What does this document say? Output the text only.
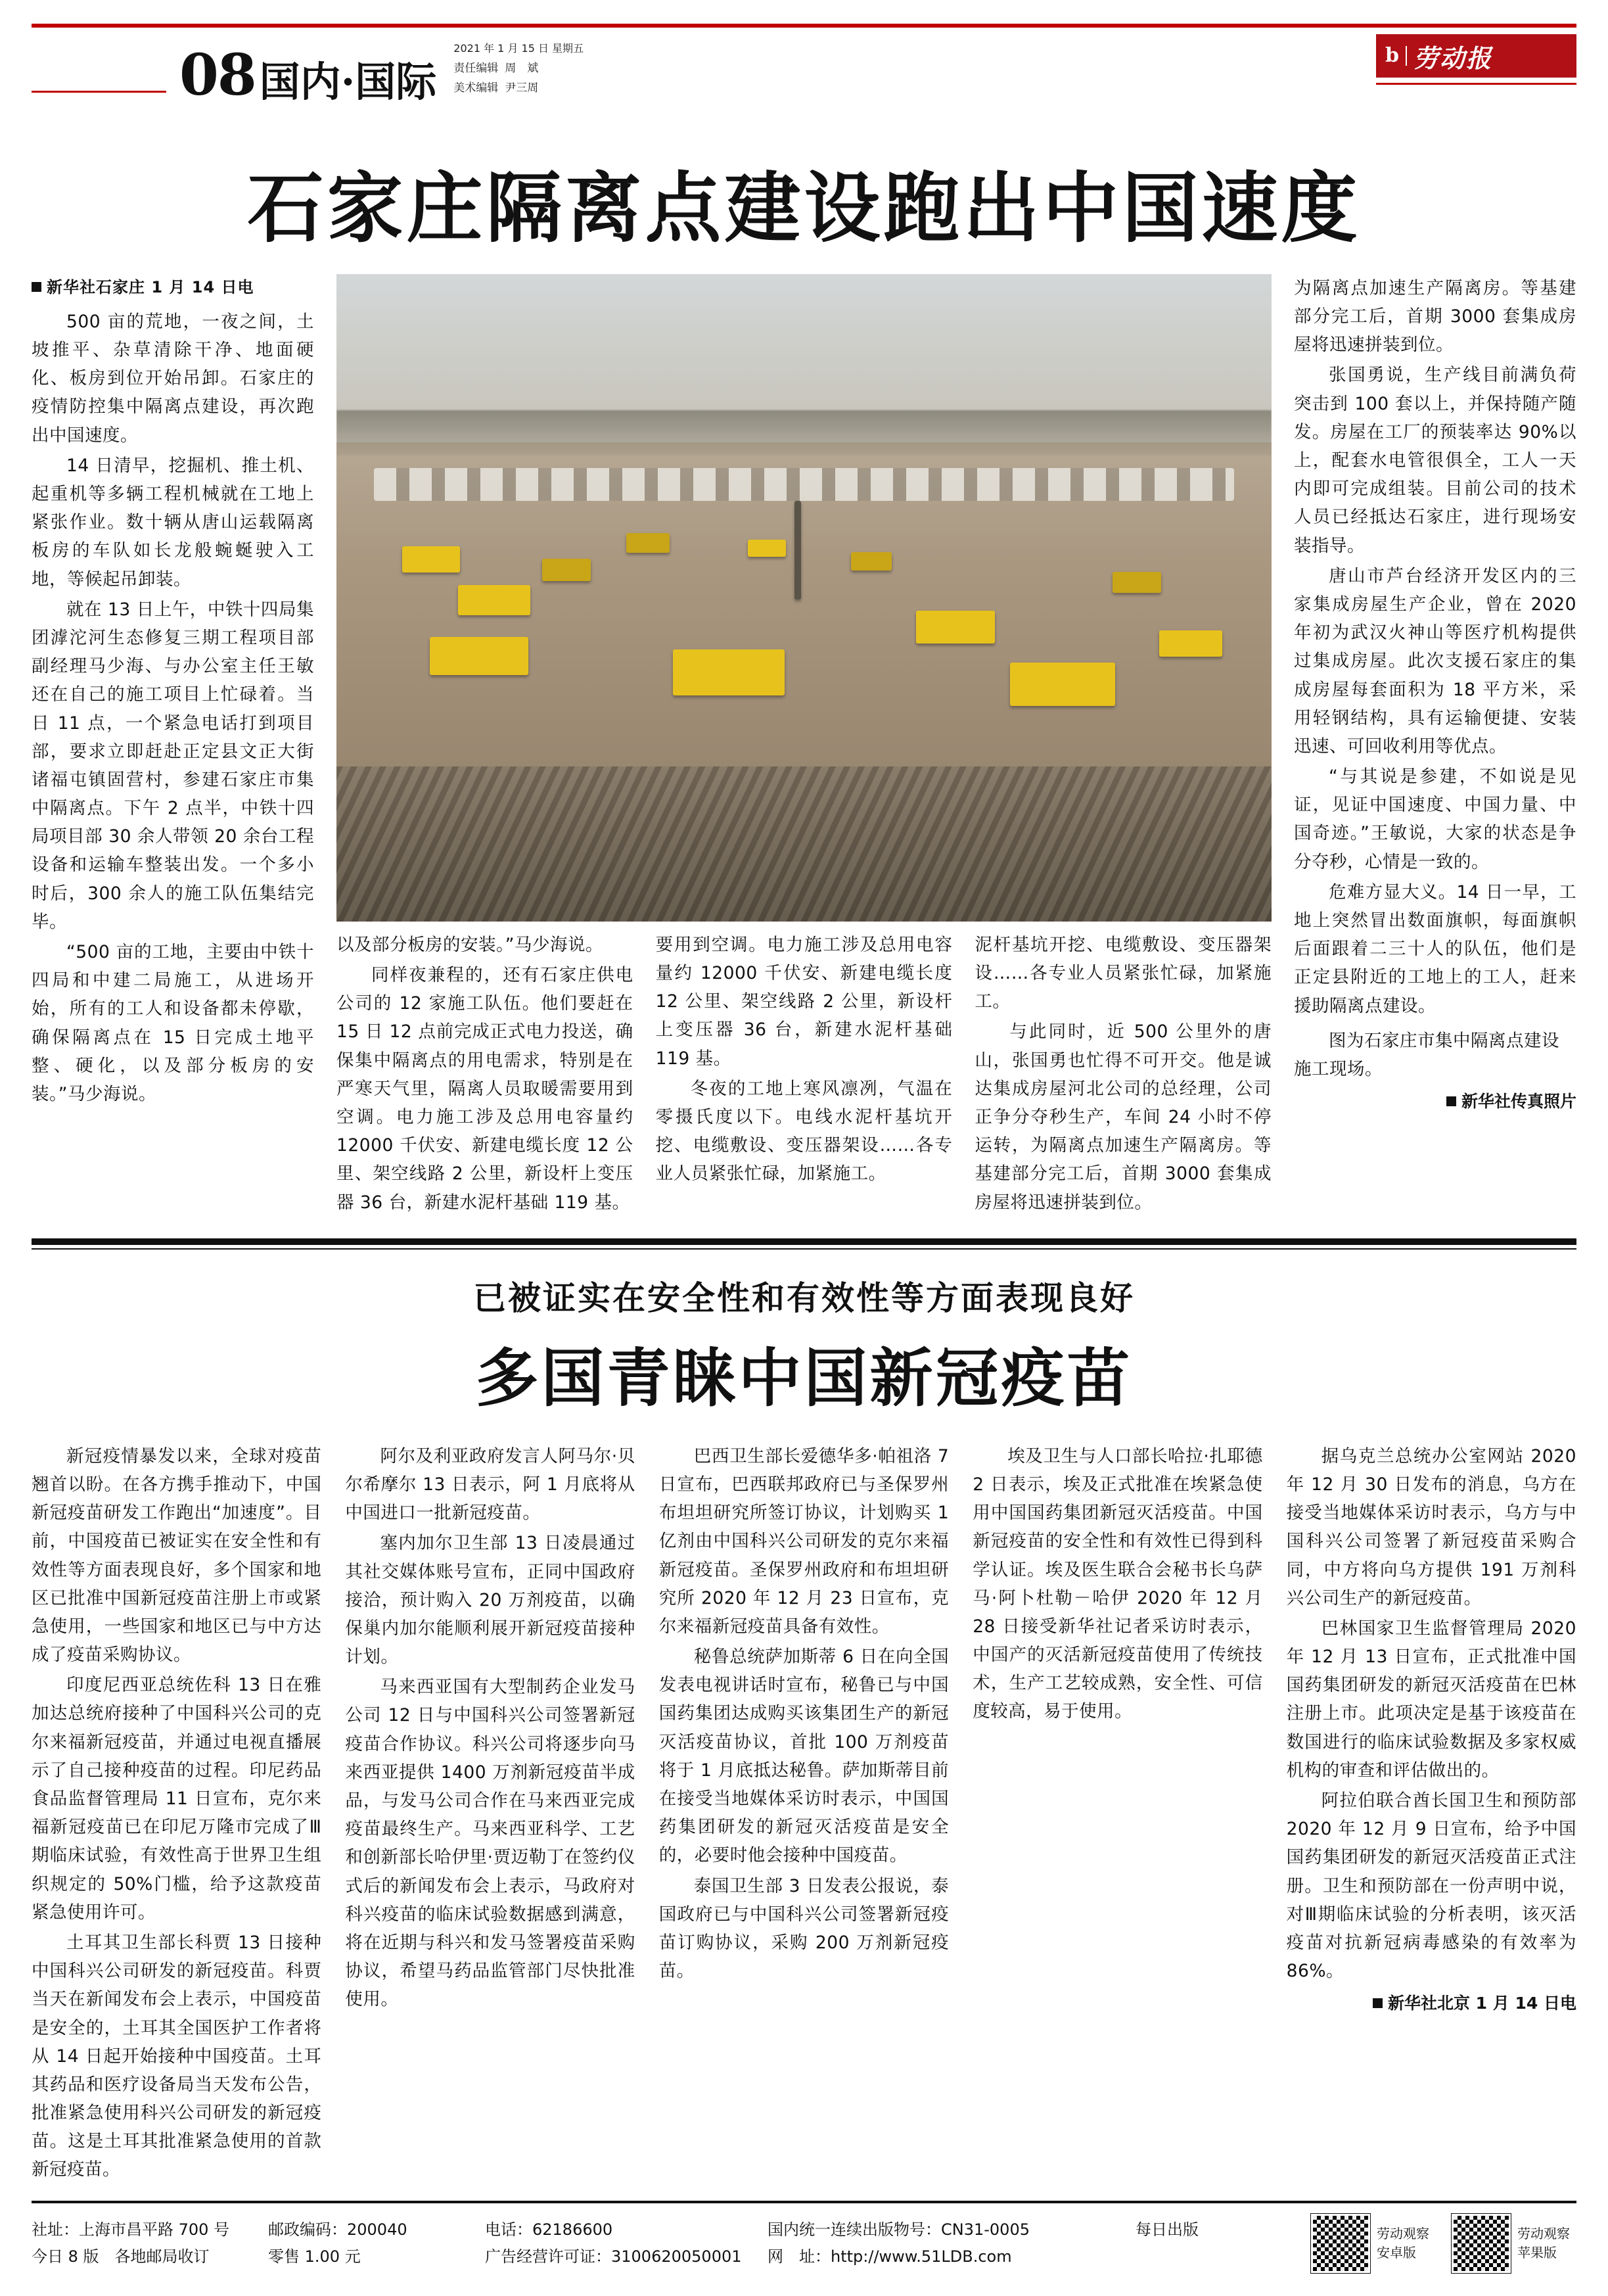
08 国内·国际
2021 年 1 月 15 日 星期五
责任编辑 周　斌
美术编辑 尹三周
b 劳动报
石家庄隔离点建设跑出中国速度
新华社石家庄 1 月 14 日电

500 亩的荒地，一夜之间，土坡推平、杂草清除干净、地面硬化、板房到位开始吊卸。石家庄的疫情防控集中隔离点建设，再次跑出中国速度。

14 日清早，挖掘机、推土机、起重机等多辆工程机械就在工地上紧张作业。数十辆从唐山运载隔离板房的车队如长龙般蜿蜒驶入工地，等候起吊卸装。

就在 13 日上午，中铁十四局集团滹沱河生态修复三期工程项目部副经理马少海、与办公室主任王敏还在自己的施工项目上忙碌着。当日 11 点，一个紧急电话打到项目部，要求立即赶赴正定县文正大街诸福屯镇固营村，参建石家庄市集中隔离点。下午 2 点半，中铁十四局项目部 30 余人带领 20 余台工程设备和运输车整装出发。一个多小时后，300 余人的施工队伍集结完毕。

“500 亩的工地，主要由中铁十四局和中建二局施工，从进场开始，所有的工人和设备都未停歇，确保隔离点在 15 日完成土地平整、硬化，以及部分板房的安装。”马少海说。

以及部分板房的安装。”马少海说。

同样夜兼程的，还有石家庄供电公司的 12 家施工队伍。他们要赶在 15 日 12 点前完成正式电力投送，确保集中隔离点的用电需求，特别是在严寒天气里，隔离人员取暖需要用到空调。电力施工涉及总用电容量约 12000 千伏安、新建电缆长度 12 公里、架空线路 2 公里，新设杆上变压器 36 台，新建水泥杆基础 119 基。

要用到空调。电力施工涉及总用电容量约 12000 千伏安、新建电缆长度 12 公里、架空线路 2 公里，新设杆上变压器 36 台，新建水泥杆基础 119 基。

冬夜的工地上寒风凛冽，气温在零摄氏度以下。电线水泥杆基坑开挖、电缆敷设、变压器架设……各专业人员紧张忙碌，加紧施工。

泥杆基坑开挖、电缆敷设、变压器架设……各专业人员紧张忙碌，加紧施工。

与此同时，近 500 公里外的唐山，张国勇也忙得不可开交。他是诚达集成房屋河北公司的总经理，公司正争分夺秒生产，车间 24 小时不停运转，为隔离点加速生产隔离房。等基建部分完工后，首期 3000 套集成房屋将迅速拼装到位。

为隔离点加速生产隔离房。等基建部分完工后，首期 3000 套集成房屋将迅速拼装到位。

张国勇说，生产线目前满负荷突击到 100 套以上，并保持随产随发。房屋在工厂的预装率达 90%以上，配套水电管很俱全，工人一天内即可完成组装。目前公司的技术人员已经抵达石家庄，进行现场安装指导。

唐山市芦台经济开发区内的三家集成房屋生产企业，曾在 2020 年初为武汉火神山等医疗机构提供过集成房屋。此次支援石家庄的集成房屋每套面积为 18 平方米，采用轻钢结构，具有运输便捷、安装迅速、可回收利用等优点。

“与其说是参建，不如说是见证，见证中国速度、中国力量、中国奇迹。”王敏说，大家的状态是争分夺秒，心情是一致的。

危难方显大义。14 日一早，工地上突然冒出数面旗帜，每面旗帜后面跟着二三十人的队伍，他们是正定县附近的工地上的工人，赶来援助隔离点建设。

图为石家庄市集中隔离点建设施工现场。
新华社传真照片
已被证实在安全性和有效性等方面表现良好
多国青睐中国新冠疫苗

新冠疫情暴发以来，全球对疫苗翘首以盼。在各方携手推动下，中国新冠疫苗研发工作跑出“加速度”。目前，中国疫苗已被证实在安全性和有效性等方面表现良好，多个国家和地区已批准中国新冠疫苗注册上市或紧急使用，一些国家和地区已与中方达成了疫苗采购协议。

印度尼西亚总统佐科 13 日在雅加达总统府接种了中国科兴公司的克尔来福新冠疫苗，并通过电视直播展示了自己接种疫苗的过程。印尼药品食品监督管理局 11 日宣布，克尔来福新冠疫苗已在印尼万隆市完成了Ⅲ期临床试验，有效性高于世界卫生组织规定的 50%门槛，给予这款疫苗紧急使用许可。

土耳其卫生部长科贾 13 日接种中国科兴公司研发的新冠疫苗。科贾当天在新闻发布会上表示，中国疫苗是安全的，土耳其全国医护工作者将从 14 日起开始接种中国疫苗。土耳其药品和医疗设备局当天发布公告，批准紧急使用科兴公司研发的新冠疫苗。这是土耳其批准紧急使用的首款新冠疫苗。

阿尔及利亚政府发言人阿马尔·贝尔希摩尔 13 日表示，阿 1 月底将从中国进口一批新冠疫苗。

塞内加尔卫生部 13 日凌晨通过其社交媒体账号宣布，正同中国政府接洽，预计购入 20 万剂疫苗，以确保巢内加尔能顺利展开新冠疫苗接种计划。

马来西亚国有大型制药企业发马公司 12 日与中国科兴公司签署新冠疫苗合作协议。科兴公司将逐步向马来西亚提供 1400 万剂新冠疫苗半成品，与发马公司合作在马来西亚完成疫苗最终生产。马来西亚科学、工艺和创新部长哈伊里·贾迈勒丁在签约仪式后的新闻发布会上表示，马政府对科兴疫苗的临床试验数据感到满意，将在近期与科兴和发马签署疫苗采购协议，希望马药品监管部门尽快批准使用。

巴西卫生部长爱德华多·帕祖洛 7 日宣布，巴西联邦政府已与圣保罗州布坦坦研究所签订协议，计划购买 1 亿剂由中国科兴公司研发的克尔来福新冠疫苗。圣保罗州政府和布坦坦研究所 2020 年 12 月 23 日宣布，克尔来福新冠疫苗具备有效性。

秘鲁总统萨加斯蒂 6 日在向全国发表电视讲话时宣布，秘鲁已与中国国药集团达成购买该集团生产的新冠灭活疫苗协议，首批 100 万剂疫苗将于 1 月底抵达秘鲁。萨加斯蒂目前在接受当地媒体采访时表示，中国国药集团研发的新冠灭活疫苗是安全的，必要时他会接种中国疫苗。

泰国卫生部 3 日发表公报说，泰国政府已与中国科兴公司签署新冠疫苗订购协议，采购 200 万剂新冠疫苗。

埃及卫生与人口部长哈拉·扎耶德 2 日表示，埃及正式批准在埃紧急使用中国国药集团新冠灭活疫苗。中国新冠疫苗的安全性和有效性已得到科学认证。埃及医生联合会秘书长乌萨马·阿卜杜勒－哈伊 2020 年 12 月 28 日接受新华社记者采访时表示，中国产的灭活新冠疫苗使用了传统技术，生产工艺较成熟，安全性、可信度较高，易于使用。

据乌克兰总统办公室网站 2020 年 12 月 30 日发布的消息，乌方在接受当地媒体采访时表示，乌方与中国科兴公司签署了新冠疫苗采购合同，中方将向乌方提供 191 万剂科兴公司生产的新冠疫苗。

巴林国家卫生监督管理局 2020 年 12 月 13 日宣布，正式批准中国国药集团研发的新冠灭活疫苗在巴林注册上市。此项决定是基于该疫苗在数国进行的临床试验数据及多家权威机构的审查和评估做出的。

阿拉伯联合酋长国卫生和预防部 2020 年 12 月 9 日宣布，给予中国国药集团研发的新冠灭活疫苗正式注册。卫生和预防部在一份声明中说，对Ⅲ期临床试验的分析表明，该灭活疫苗对抗新冠病毒感染的有效率为 86%。

新华社北京 1 月 14 日电
社址：上海市昌平路 700 号	邮政编码：200040	电话：62186600	国内统一连续出版物号：CN31-0005	每日出版
今日 8 版　各地邮局收订	零售 1.00 元	广告经营许可证：3100620050001	网　址：http://www.51LDB.com
劳动观察
安卓版
劳动观察
苹果版
